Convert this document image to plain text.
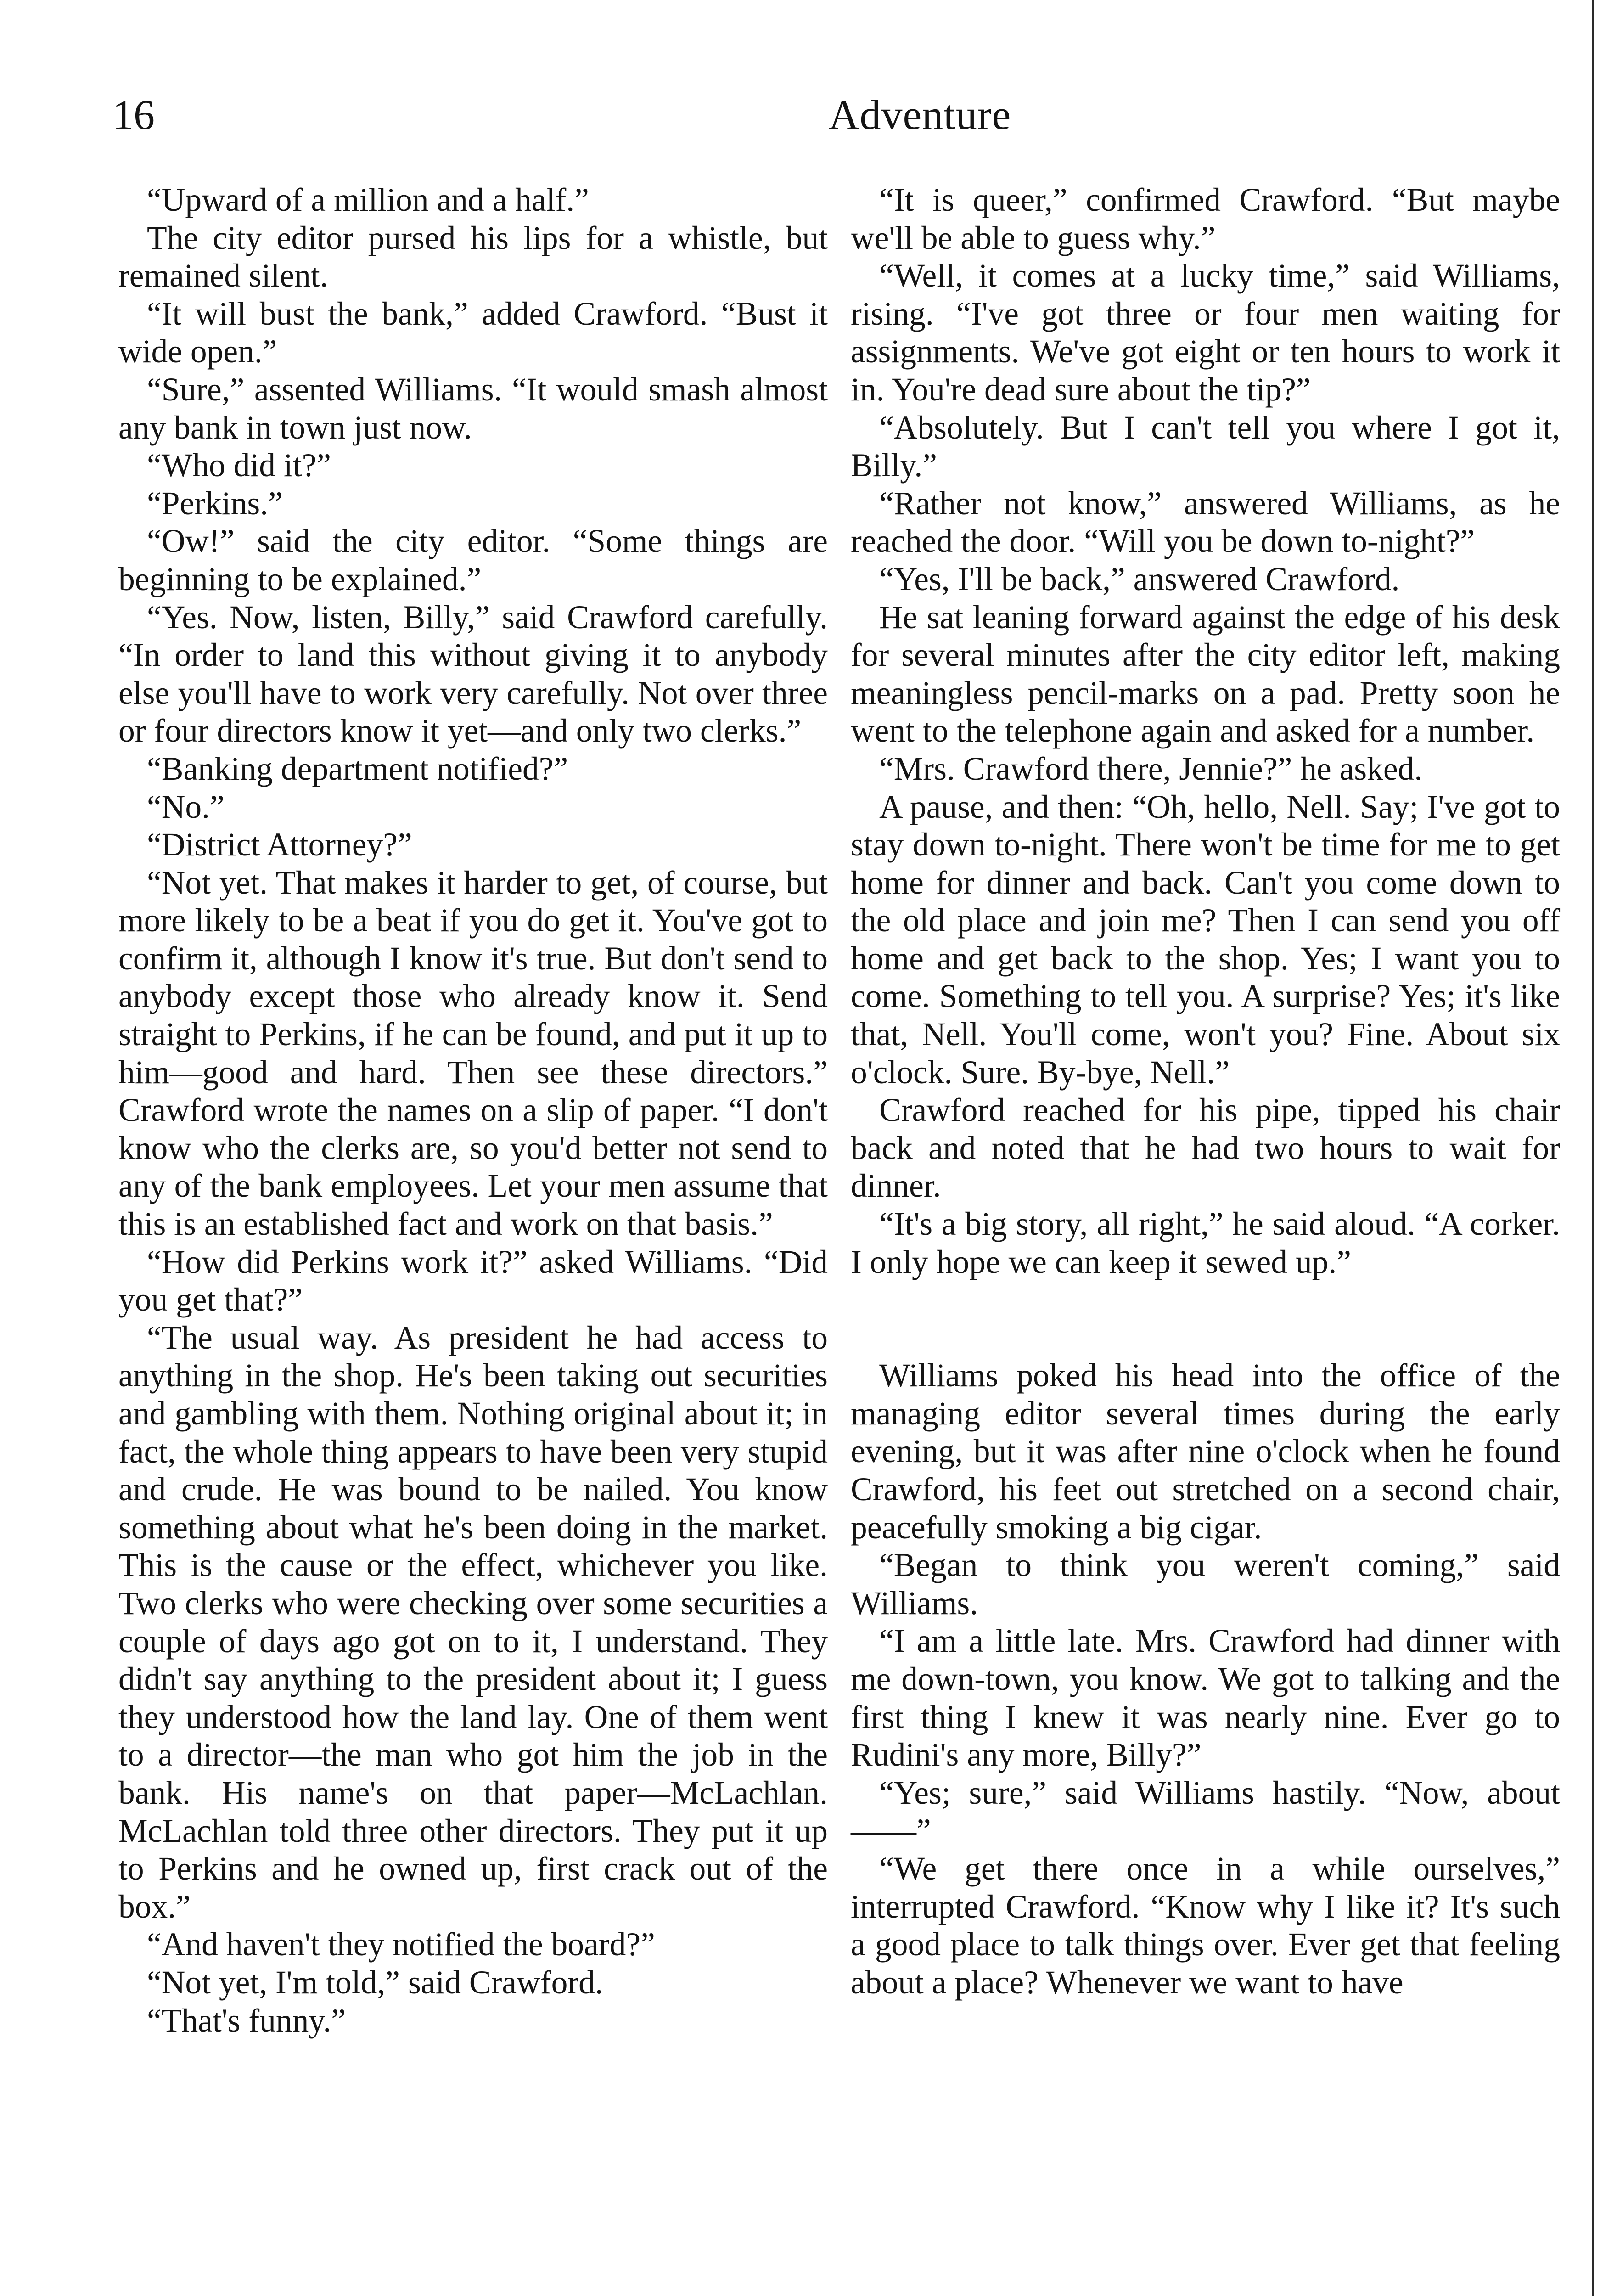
16	Adventure

“Upward of a million and a half.”

The city editor pursed his lips for a whistle, but remained silent.

“It will bust the bank,” added Crawford. “Bust it wide open.”

“Sure,” assented Williams. “It would smash almost any bank in town just now.

“Who did it?”

“Perkins.”

“Ow!” said the city editor. “Some things are beginning to be explained.”

“Yes. Now, listen, Billy,” said Crawford carefully. “In order to land this without giving it to anybody else you'll have to work very carefully. Not over three or four directors know it yet—and only two clerks.”

“Banking department notified?”

“No.”

“District Attorney?”

“Not yet. That makes it harder to get, of course, but more likely to be a beat if you do get it. You've got to confirm it, although I know it's true. But don't send to anybody except those who already know it. Send straight to Perkins, if he can be found, and put it up to him—good and hard. Then see these directors.” Crawford wrote the names on a slip of paper. “I don't know who the clerks are, so you'd better not send to any of the bank employees. Let your men assume that this is an established fact and work on that basis.”

“How did Perkins work it?” asked Williams. “Did you get that?”

“The usual way. As president he had access to anything in the shop. He's been taking out securities and gambling with them. Nothing original about it; in fact, the whole thing appears to have been very stupid and crude. He was bound to be nailed. You know something about what he's been doing in the market. This is the cause or the effect, whichever you like. Two clerks who were checking over some securities a couple of days ago got on to it, I understand. They didn't say anything to the president about it; I guess they understood how the land lay. One of them went to a director—the man who got him the job in the bank. His name's on that paper—McLachlan. McLachlan told three other directors. They put it up to Perkins and he owned up, first crack out of the box.”

“And haven't they notified the board?”

“Not yet, I'm told,” said Crawford.

“That's funny.”

“It is queer,” confirmed Crawford. “But maybe we'll be able to guess why.”

“Well, it comes at a lucky time,” said Williams, rising. “I've got three or four men waiting for assignments. We've got eight or ten hours to work it in. You're dead sure about the tip?”

“Absolutely. But I can't tell you where I got it, Billy.”

“Rather not know,” answered Williams, as he reached the door. “Will you be down to-night?”

“Yes, I'll be back,” answered Crawford.

He sat leaning forward against the edge of his desk for several minutes after the city editor left, making meaningless pencil-marks on a pad. Pretty soon he went to the telephone again and asked for a number.

“Mrs. Crawford there, Jennie?” he asked.

A pause, and then: “Oh, hello, Nell. Say; I've got to stay down to-night. There won't be time for me to get home for dinner and back. Can't you come down to the old place and join me? Then I can send you off home and get back to the shop. Yes; I want you to come. Something to tell you. A surprise? Yes; it's like that, Nell. You'll come, won't you? Fine. About six o'clock. Sure. By-bye, Nell.”

Crawford reached for his pipe, tipped his chair back and noted that he had two hours to wait for dinner.

“It's a big story, all right,” he said aloud. “A corker. I only hope we can keep it sewed up.”

Williams poked his head into the office of the managing editor several times during the early evening, but it was after nine o'clock when he found Crawford, his feet out stretched on a second chair, peacefully smoking a big cigar.

“Began to think you weren't coming,” said Williams.

“I am a little late. Mrs. Crawford had dinner with me down-town, you know. We got to talking and the first thing I knew it was nearly nine. Ever go to Rudini's any more, Billy?”

“Yes; sure,” said Williams hastily. “Now, about——”

“We get there once in a while ourselves,” interrupted Crawford. “Know why I like it? It's such a good place to talk things over. Ever get that feeling about a place? Whenever we want to have
